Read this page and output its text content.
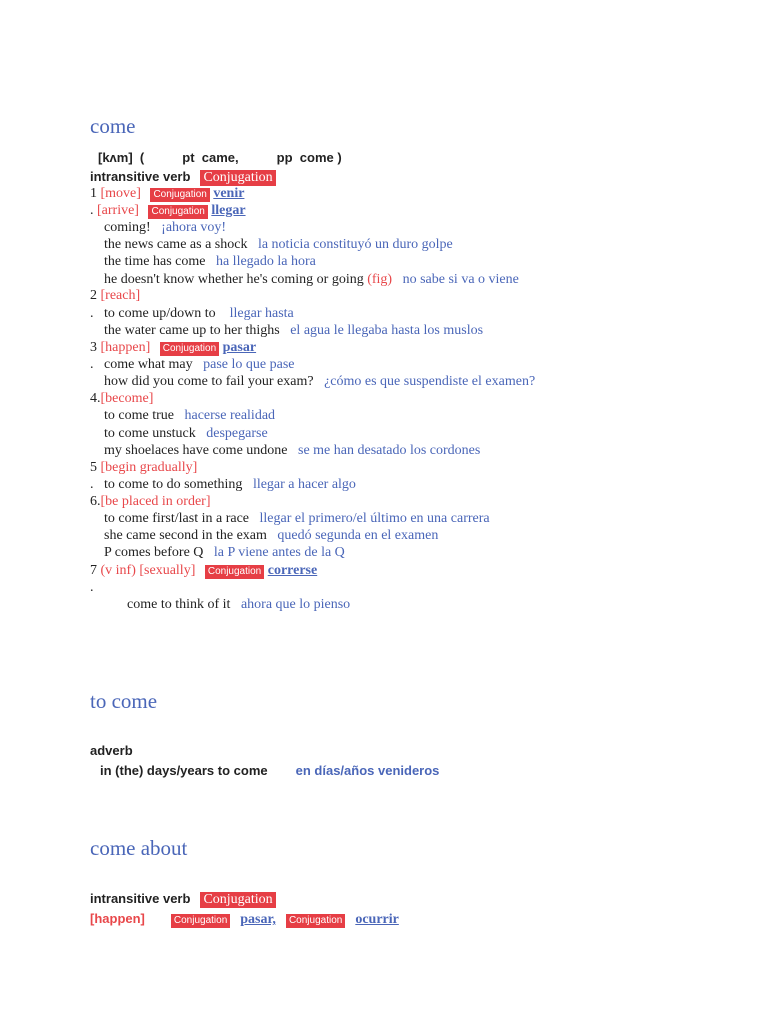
come
[kʌm] (	pt came,	pp come )
intransitive verb Conjugation
1 [move] Conjugation venir
. [arrive] Conjugation llegar
coming! ¡ahora voy!
the news came as a shock la noticia constituyó un duro golpe
the time has come ha llegado la hora
he doesn't know whether he's coming or going (fig) no sabe si va o viene
2 [reach]
. to come up/down to llegar hasta
the water came up to her thighs el agua le llegaba hasta los muslos
3 [happen] Conjugation pasar
. come what may pase lo que pase
how did you come to fail your exam? ¿cómo es que suspendiste el examen?
4.[become]
to come true hacerse realidad
to come unstuck despegarse
my shoelaces have come undone se me han desatado los cordones
5 [begin gradually]
. to come to do something llegar a hacer algo
6.[be placed in order]
to come first/last in a race llegar el primero/el último en una carrera
she came second in the exam quedó segunda en el examen
P comes before Q la P viene antes de la Q
7 (v inf) [sexually] Conjugation correrse
.
come to think of it ahora que lo pienso
to come
adverb
in (the) days/years to come en días/años venideros
come about
intransitive verb Conjugation
[happen]	Conjugation pasar, Conjugation ocurrir
